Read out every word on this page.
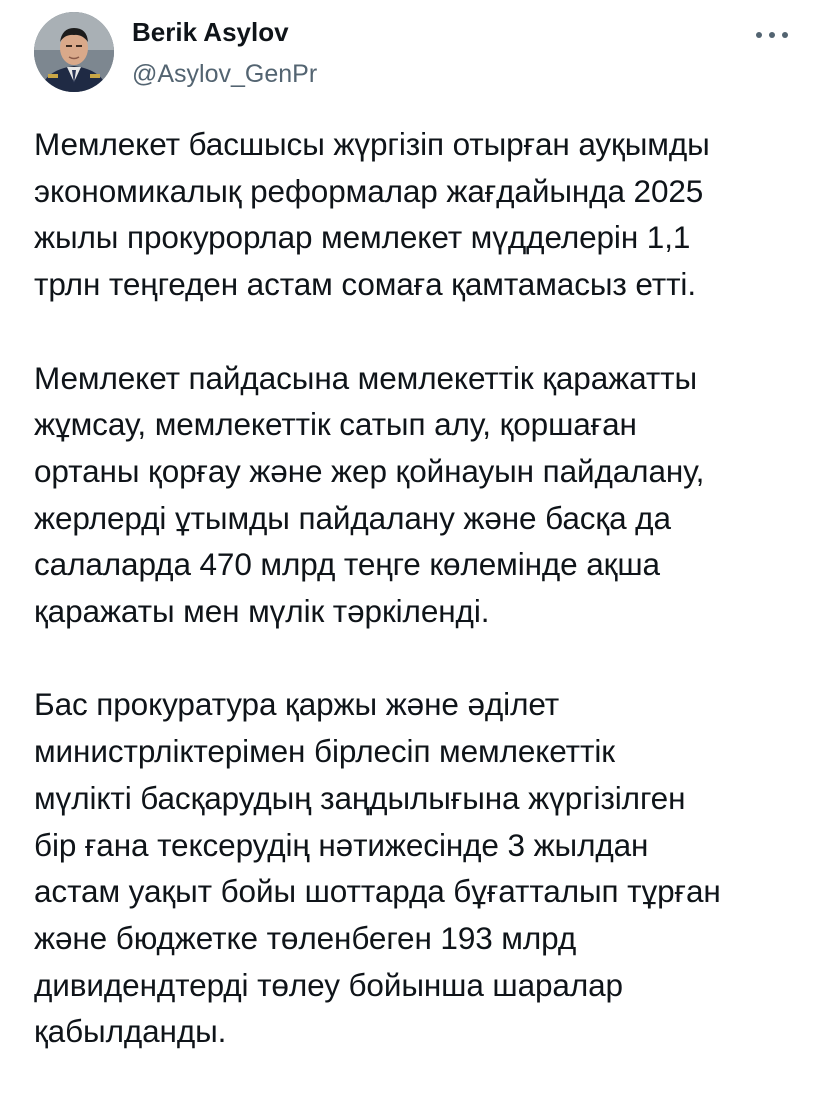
Berik Asylov
@Asylov_GenPr

Мемлекет басшысы жүргізіп отырған ауқымды
экономикалық реформалар жағдайында 2025
жылы прокурорлар мемлекет мүдделерін 1,1
трлн теңгеден астам сомаға қамтамасыз етті.

Мемлекет пайдасына мемлекеттік қаражатты
жұмсау, мемлекеттік сатып алу, қоршаған
ортаны қорғау және жер қойнауын пайдалану,
жерлерді ұтымды пайдалану және басқа да
салаларда 470 млрд теңге көлемінде ақша
қаражаты мен мүлік тәркіленді.

Бас прокуратура қаржы және әділет
министрліктерімен бірлесіп мемлекеттік
мүлікті басқарудың заңдылығына жүргізілген
бір ғана тексерудің нәтижесінде 3 жылдан
астам уақыт бойы шоттарда бұғатталып тұрған
және бюджетке төленбеген 193 млрд
дивидендтерді төлеу бойынша шаралар
қабылданды.
